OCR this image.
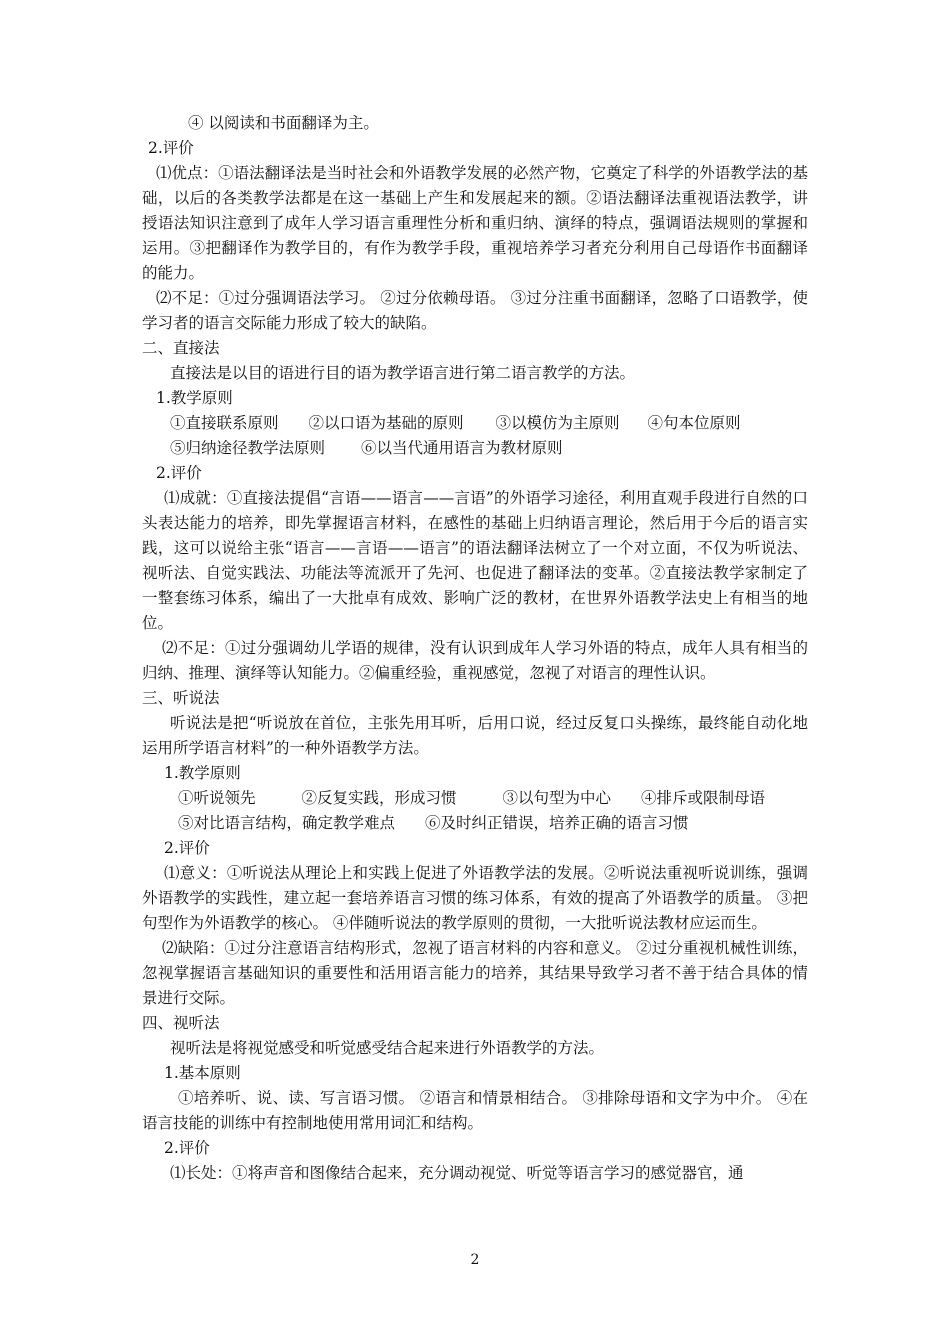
④ 以阅读和书面翻译为主。

2.评价

⑴优点：①语法翻译法是当时社会和外语教学发展的必然产物，它奠定了科学的外语教学法的基础，以后的各类教学法都是在这一基础上产生和发展起来的额。②语法翻译法重视语法教学，讲授语法知识注意到了成年人学习语言重理性分析和重归纳、演绎的特点，强调语法规则的掌握和运用。③把翻译作为教学目的，有作为教学手段，重视培养学习者充分利用自己母语作书面翻译的能力。

⑵不足：①过分强调语法学习。 ②过分依赖母语。 ③过分注重书面翻译，忽略了口语教学，使学习者的语言交际能力形成了较大的缺陷。

二、直接法

直接法是以目的语进行目的语为教学语言进行第二语言教学的方法。

1.教学原则

①直接联系原则 ②以口语为基础的原则 ③以模仿为主原则 ④句本位原则
⑤归纳途径教学法原则 ⑥以当代通用语言为教材原则

2.评价

⑴成就：①直接法提倡“言语——语言——言语”的外语学习途径，利用直观手段进行自然的口头表达能力的培养，即先掌握语言材料，在感性的基础上归纳语言理论，然后用于今后的语言实践，这可以说给主张“语言——言语——语言”的语法翻译法树立了一个对立面，不仅为听说法、视听法、自觉实践法、功能法等流派开了先河、也促进了翻译法的变革。②直接法教学家制定了一整套练习体系，编出了一大批卓有成效、影响广泛的教材，在世界外语教学法史上有相当的地位。

⑵不足：①过分强调幼儿学语的规律，没有认识到成年人学习外语的特点，成年人具有相当的归纳、推理、演绎等认知能力。②偏重经验，重视感觉，忽视了对语言的理性认识。

三、听说法

听说法是把“听说放在首位，主张先用耳听，后用口说，经过反复口头操练，最终能自动化地运用所学语言材料”的一种外语教学方法。

1.教学原则

①听说领先	②反复实践，形成习惯	③以句型为中心 ④排斥或限制母语
⑤对比语言结构，确定教学难点 ⑥及时纠正错误，培养正确的语言习惯

2.评价

⑴意义：①听说法从理论上和实践上促进了外语教学法的发展。②听说法重视听说训练，强调外语教学的实践性，建立起一套培养语言习惯的练习体系，有效的提高了外语教学的质量。 ③把句型作为外语教学的核心。 ④伴随听说法的教学原则的贯彻，一大批听说法教材应运而生。

⑵缺陷：①过分注意语言结构形式，忽视了语言材料的内容和意义。 ②过分重视机械性训练，忽视掌握语言基础知识的重要性和活用语言能力的培养，其结果导致学习者不善于结合具体的情景进行交际。

四、视听法

视听法是将视觉感受和听觉感受结合起来进行外语教学的方法。

1.基本原则

①培养听、说、读、写言语习惯。 ②语言和情景相结合。 ③排除母语和文字为中介。 ④在语言技能的训练中有控制地使用常用词汇和结构。

2.评价

⑴长处：①将声音和图像结合起来，充分调动视觉、听觉等语言学习的感觉器官，通

2
